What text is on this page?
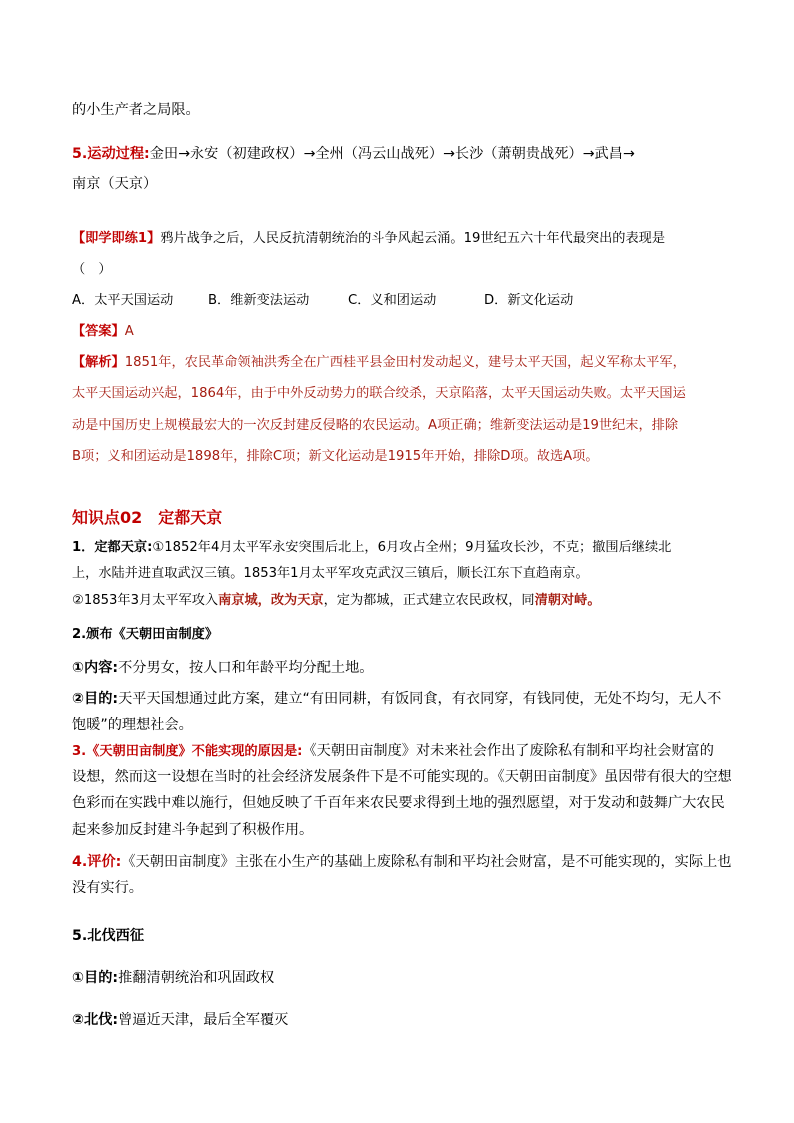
的小生产者之局限。
5.运动过程:金田→永安（初建政权）→全州（冯云山战死）→长沙（萧朝贵战死）→武昌→
南京（天京）
【即学即练1】鸦片战争之后，人民反抗清朝统治的斗争风起云涌。19世纪五六十年代最突出的表现是
（　）
A．太平天国运动	B．维新变法运动	C．义和团运动	D．新文化运动
【答案】A
【解析】1851年，农民革命领袖洪秀全在广西桂平县金田村发动起义，建号太平天国，起义军称太平军，
太平天国运动兴起，1864年，由于中外反动势力的联合绞杀，天京陷落，太平天国运动失败。太平天国运
动是中国历史上规模最宏大的一次反封建反侵略的农民运动。A项正确；维新变法运动是19世纪末，排除
B项；义和团运动是1898年，排除C项；新文化运动是1915年开始，排除D项。故选A项。
知识点02 定都天京
1．定都天京:①1852年4月太平军永安突围后北上，6月攻占全州；9月猛攻长沙，不克；撤围后继续北
上，水陆并进直取武汉三镇。1853年1月太平军攻克武汉三镇后，顺长江东下直趋南京。
②1853年3月太平军攻入南京城，改为天京，定为都城，正式建立农民政权，同清朝对峙。
2.颁布《天朝田亩制度》
①内容:不分男女，按人口和年龄平均分配土地。
②目的:天平天国想通过此方案，建立“有田同耕，有饭同食，有衣同穿，有钱同使，无处不均匀，无人不
饱暖”的理想社会。
3.《天朝田亩制度》不能实现的原因是:《天朝田亩制度》对未来社会作出了废除私有制和平均社会财富的
设想，然而这一设想在当时的社会经济发展条件下是不可能实现的。《天朝田亩制度》虽因带有很大的空想
色彩而在实践中难以施行，但她反映了千百年来农民要求得到土地的强烈愿望，对于发动和鼓舞广大农民
起来参加反封建斗争起到了积极作用。
4.评价:《天朝田亩制度》主张在小生产的基础上废除私有制和平均社会财富，是不可能实现的，实际上也
没有实行。
5.北伐西征
①目的:推翻清朝统治和巩固政权
②北伐:曾逼近天津，最后全军覆灭
